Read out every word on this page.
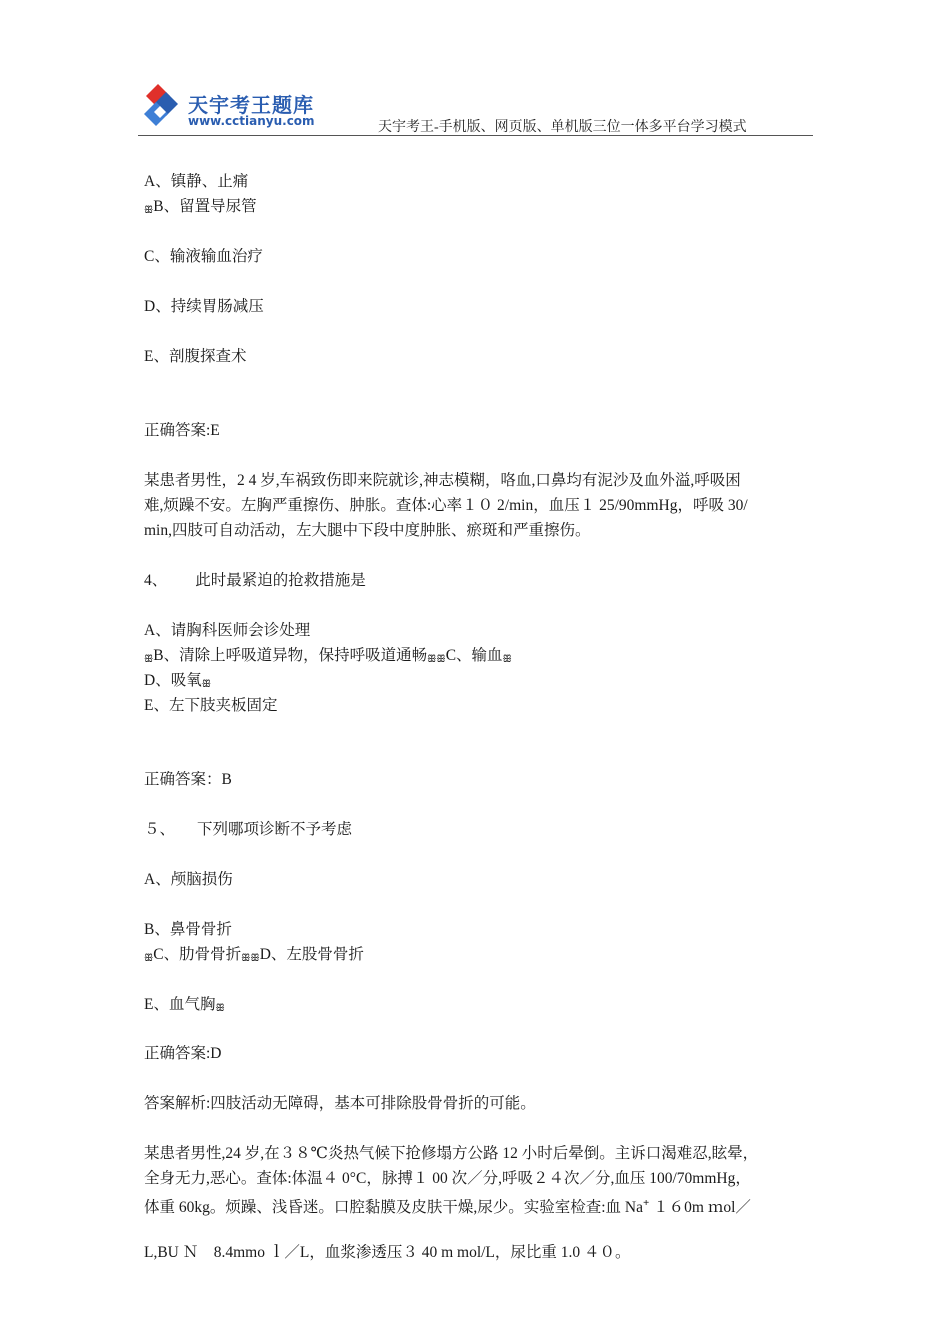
天宇考王题库
www.cctianyu.com	天宇考王-手机版、网页版、单机版三位一体多平台学习模式
A、镇静、止痛
ꕥB、留置导尿管
C、输液输血治疗
D、持续胃肠减压
E、剖腹探查术
正确答案:E
某患者男性，2 4 岁,车祸致伤即来院就诊,神志模糊，咯血,口鼻均有泥沙及血外溢,呼吸困
难,烦躁不安。左胸严重擦伤、肿胀。查体:心率１０ 2/min，血压１ 25/90mmHg，呼吸 30/
min,四肢可自动活动，左大腿中下段中度肿胀、瘀斑和严重擦伤。
4、 此时最紧迫的抢救措施是
A、请胸科医师会诊处理
ꕥB、清除上呼吸道异物，保持呼吸道通畅ꕥꕥC、输血ꕥ
D、吸氧ꕥ
E、左下肢夹板固定
正确答案：B
５、 下列哪项诊断不予考虑
A、颅脑损伤
B、鼻骨骨折
ꕥC、肋骨骨折ꕥꕥD、左股骨骨折
E、血气胸ꕥ
正确答案:D
答案解析:四肢活动无障碍，基本可排除股骨骨折的可能。
某患者男性,24 岁,在３８℃炎热气候下抢修塌方公路 12 小时后晕倒。主诉口渴难忍,眩晕，
全身无力,恶心。查体:体温４ 0°C，脉搏１ 00 次／分,呼吸２４次／分,血压 100/70mmHg，
体重 60kg。烦躁、浅昏迷。口腔黏膜及皮肤干燥,尿少。实验室检查:血 Na+ １６0m ｍol／
L,BU Ｎ　8.4mmo ｌ／L，血浆渗透压３ 40 m mol/L，尿比重 1.0 ４０。
